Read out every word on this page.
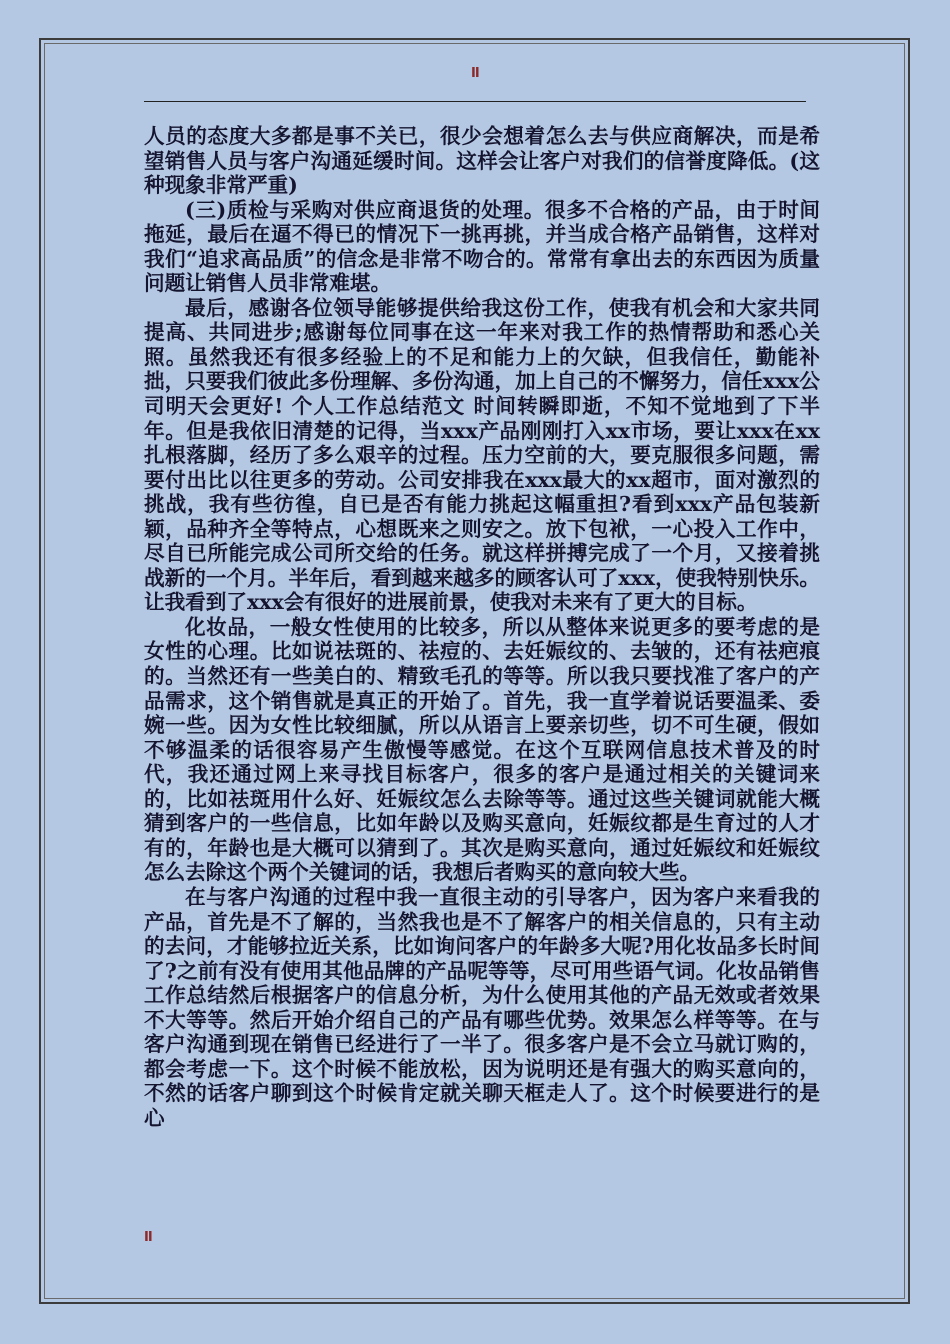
II

人员的态度大多都是事不关已，很少会想着怎么去与供应商解决，而是希望销售人员与客户沟通延缓时间。这样会让客户对我们的信誉度降低。(这种现象非常严重)

(三)质检与采购对供应商退货的处理。很多不合格的产品，由于时间拖延，最后在逼不得已的情况下一挑再挑，并当成合格产品销售，这样对我们“追求高品质”的信念是非常不吻合的。常常有拿出去的东西因为质量问题让销售人员非常难堪。

最后，感谢各位领导能够提供给我这份工作，使我有机会和大家共同提高、共同进步;感谢每位同事在这一年来对我工作的热情帮助和悉心关照。虽然我还有很多经验上的不足和能力上的欠缺，但我信任，勤能补拙，只要我们彼此多份理解、多份沟通，加上自己的不懈努力，信任xxx公司明天会更好! 个人工作总结范文 时间转瞬即逝，不知不觉地到了下半年。但是我依旧清楚的记得，当xxx产品刚刚打入xx市场，要让xxx在xx扎根落脚，经历了多么艰辛的过程。压力空前的大，要克服很多问题，需要付出比以往更多的劳动。公司安排我在xxx最大的xx超市，面对激烈的挑战，我有些彷徨，自已是否有能力挑起这幅重担?看到xxx产品包装新颖，品种齐全等特点，心想既来之则安之。放下包袱，一心投入工作中，尽自已所能完成公司所交给的任务。就这样拼搏完成了一个月，又接着挑战新的一个月。半年后，看到越来越多的顾客认可了xxx，使我特别快乐。让我看到了xxx会有很好的进展前景，使我对未来有了更大的目标。

化妆品，一般女性使用的比较多，所以从整体来说更多的要考虑的是女性的心理。比如说祛斑的、祛痘的、去妊娠纹的、去皱的，还有祛疤痕的。当然还有一些美白的、精致毛孔的等等。所以我只要找准了客户的产品需求，这个销售就是真正的开始了。首先，我一直学着说话要温柔、委婉一些。因为女性比较细腻，所以从语言上要亲切些，切不可生硬，假如不够温柔的话很容易产生傲慢等感觉。在这个互联网信息技术普及的时代，我还通过网上来寻找目标客户，很多的客户是通过相关的关键词来的，比如祛斑用什么好、妊娠纹怎么去除等等。通过这些关键词就能大概猜到客户的一些信息，比如年龄以及购买意向，妊娠纹都是生育过的人才有的，年龄也是大概可以猜到了。其次是购买意向，通过妊娠纹和妊娠纹怎么去除这个两个关键词的话，我想后者购买的意向较大些。

在与客户沟通的过程中我一直很主动的引导客户，因为客户来看我的产品，首先是不了解的，当然我也是不了解客户的相关信息的，只有主动的去问，才能够拉近关系，比如询问客户的年龄多大呢?用化妆品多长时间了?之前有没有使用其他品牌的产品呢等等，尽可用些语气词。化妆品销售工作总结然后根据客户的信息分析，为什么使用其他的产品无效或者效果不大等等。然后开始介绍自己的产品有哪些优势。效果怎么样等等。在与客户沟通到现在销售已经进行了一半了。很多客户是不会立马就订购的，都会考虑一下。这个时候不能放松，因为说明还是有强大的购买意向的，不然的话客户聊到这个时候肯定就关聊天框走人了。这个时候要进行的是心

II
